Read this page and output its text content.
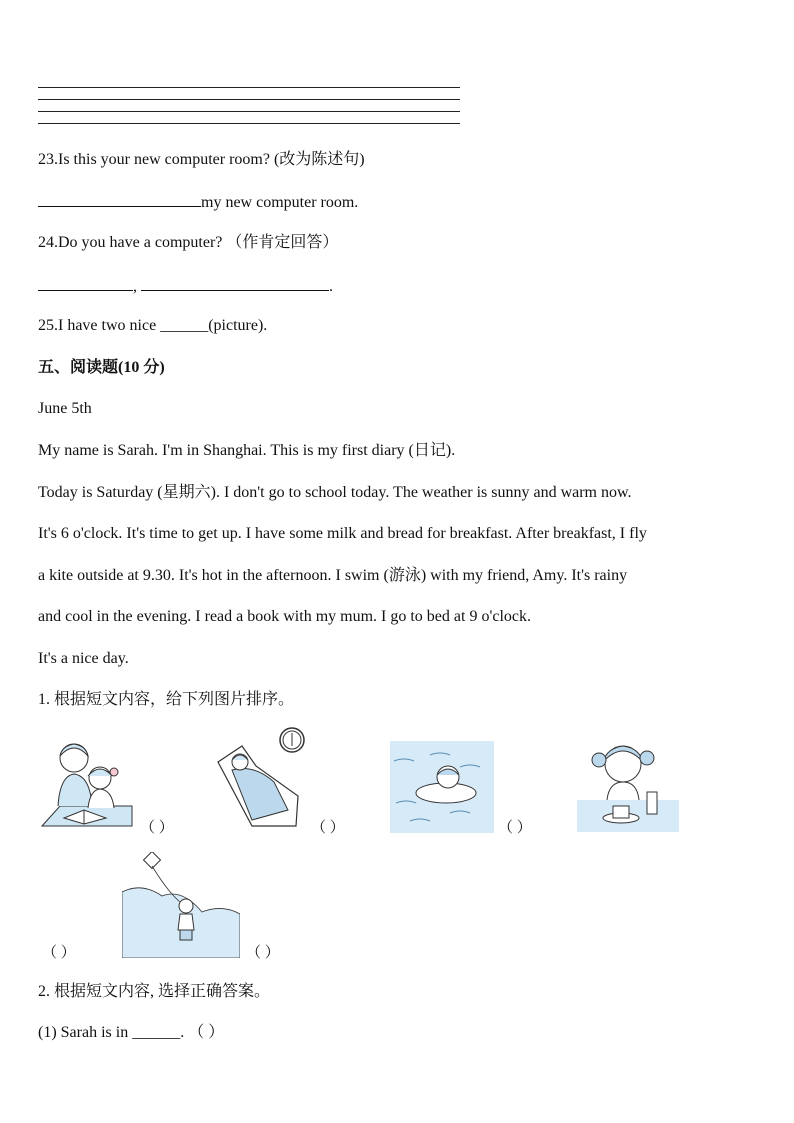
23.Is this your new computer room? (改为陈述句)
my new computer room.
24.Do you have a computer? （作肯定回答）
,	.
25.I have two nice ______(picture).
五、阅读题(10 分)
June 5th
My name is Sarah. I'm in Shanghai. This is my first diary (日记).
Today is Saturday (星期六). I don't go to school today. The weather is sunny and warm now.
It's 6 o'clock. It's time to get up. I have some milk and bread for breakfast. After breakfast, I fly
a kite outside at 9.30. It's hot in the afternoon. I swim (游泳) with my friend, Amy. It's rainy
and cool in the evening. I read a book with my mum. I go to bed at 9 o'clock.
It's a nice day.
1. 根据短文内容，给下列图片排序。
（ ）	（ ）	（ ）
（ ）	（ ）
2. 根据短文内容, 选择正确答案。
(1) Sarah is in ______. （ ）
